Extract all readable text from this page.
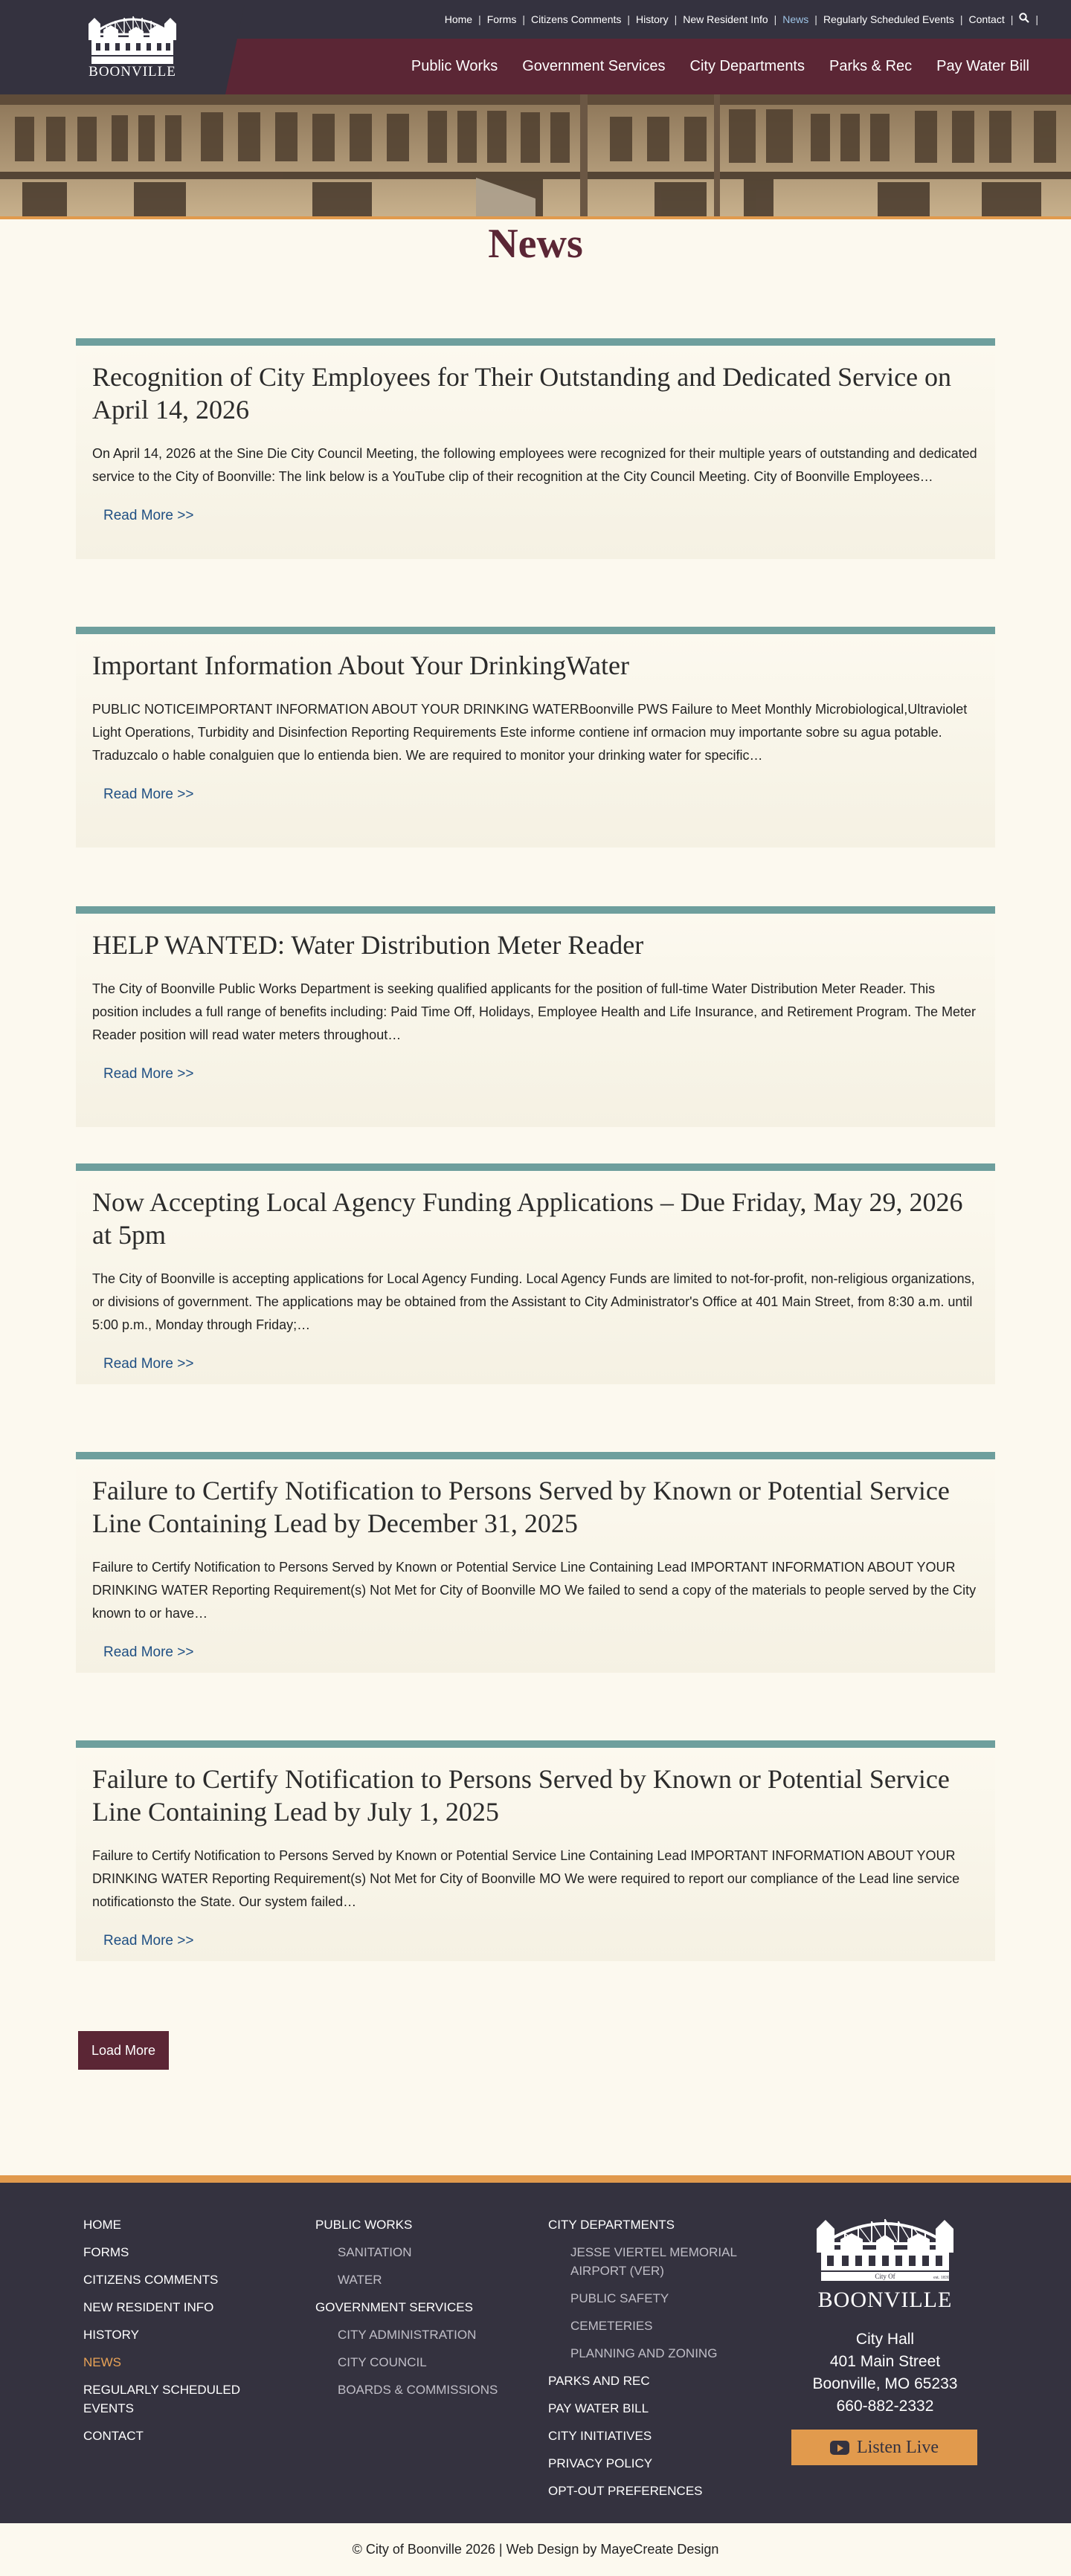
Home | Forms | Citizens Comments | History | New Resident Info | News | Regularly Scheduled Events | Contact | |
Public Works Government Services City Departments Parks & Rec Pay Water Bill
BOONVILLE
News
Recognition of City Employees for Their Outstanding and Dedicated Service on April 14, 2026

On April 14, 2026 at the Sine Die City Council Meeting, the following employees were recognized for their multiple years of outstanding and dedicated service to the City of Boonville: The link below is a YouTube clip of their recognition at the City Council Meeting. City of Boonville Employees…

Read More >>
Important Information About Your DrinkingWater

PUBLIC NOTICEIMPORTANT INFORMATION ABOUT YOUR DRINKING WATERBoonville PWS Failure to Meet Monthly Microbiological,Ultraviolet Light Operations, Turbidity and Disinfection Reporting Requirements Este informe contiene inf ormacion muy importante sobre su agua potable. Traduzcalo o hable conalguien que lo entienda bien. We are required to monitor your drinking water for specific…

Read More >>
HELP WANTED: Water Distribution Meter Reader

The City of Boonville Public Works Department is seeking qualified applicants for the position of full-time Water Distribution Meter Reader. This position includes a full range of benefits including: Paid Time Off, Holidays, Employee Health and Life Insurance, and Retirement Program. The Meter Reader position will read water meters throughout…

Read More >>
Now Accepting Local Agency Funding Applications – Due Friday, May 29, 2026 at 5pm

The City of Boonville is accepting applications for Local Agency Funding. Local Agency Funds are limited to not-for-profit, non-religious organizations, or divisions of government. The applications may be obtained from the Assistant to City Administrator's Office at 401 Main Street, from 8:30 a.m. until 5:00 p.m., Monday through Friday;…

Read More >>
Failure to Certify Notification to Persons Served by Known or Potential Service Line Containing Lead by December 31, 2025

Failure to Certify Notification to Persons Served by Known or Potential Service Line Containing Lead IMPORTANT INFORMATION ABOUT YOUR DRINKING WATER Reporting Requirement(s) Not Met for City of Boonville MO We failed to send a copy of the materials to people served by the City known to or have…

Read More >>
Failure to Certify Notification to Persons Served by Known or Potential Service Line Containing Lead by July 1, 2025

Failure to Certify Notification to Persons Served by Known or Potential Service Line Containing Lead IMPORTANT INFORMATION ABOUT YOUR DRINKING WATER Reporting Requirement(s) Not Met for City of Boonville MO We were required to report our compliance of the Lead line service notificationsto the State. Our system failed…

Read More >>
Load More
HOME
FORMS
CITIZENS COMMENTS
NEW RESIDENT INFO
HISTORY
NEWS
REGULARLY SCHEDULED EVENTS
CONTACT
PUBLIC WORKS
SANITATION
WATER
GOVERNMENT SERVICES
CITY ADMINISTRATION
CITY COUNCIL
BOARDS & COMMISSIONS
CITY DEPARTMENTS
JESSE VIERTEL MEMORIAL AIRPORT (VER)
PUBLIC SAFETY
CEMETERIES
PLANNING AND ZONING
PARKS AND REC
PAY WATER BILL
CITY INITIATIVES
PRIVACY POLICY
OPT-OUT PREFERENCES
City Of	est. 1839
BOONVILLE
City Hall
401 Main Street
Boonville, MO 65233
660-882-2332
Listen Live
© City of Boonville 2026 | Web Design by MayeCreate Design
